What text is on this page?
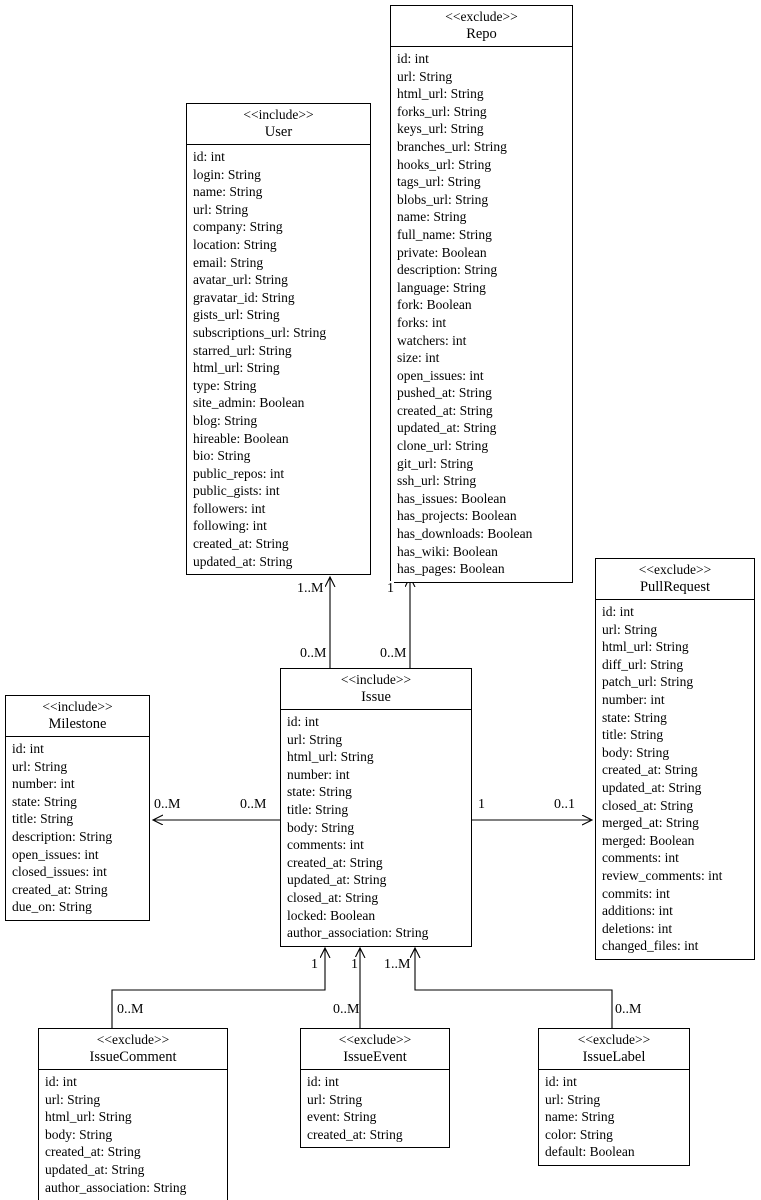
<<exclude>>
Repo
id: int
url: String
html_url: String
forks_url: String
keys_url: String
branches_url: String
hooks_url: String
tags_url: String
blobs_url: String
name: String
full_name: String
private: Boolean
description: String
language: String
fork: Boolean
forks: int
watchers: int
size: int
open_issues: int
pushed_at: String
created_at: String
updated_at: String
clone_url: String
git_url: String
ssh_url: String
has_issues: Boolean
has_projects: Boolean
has_downloads: Boolean
has_wiki: Boolean
has_pages: Boolean
<<include>>
User
id: int
login: String
name: String
url: String
company: String
location: String
email: String
avatar_url: String
gravatar_id: String
gists_url: String
subscriptions_url: String
starred_url: String
html_url: String
type: String
site_admin: Boolean
blog: String
hireable: Boolean
bio: String
public_repos: int
public_gists: int
followers: int
following: int
created_at: String
updated_at: String
<<exclude>>
PullRequest
id: int
url: String
html_url: String
diff_url: String
patch_url: String
number: int
state: String
title: String
body: String
created_at: String
updated_at: String
closed_at: String
merged_at: String
merged: Boolean
comments: int
review_comments: int
commits: int
additions: int
deletions: int
changed_files: int
<<include>>
Issue
id: int
url: String
html_url: String
number: int
state: String
title: String
body: String
comments: int
created_at: String
updated_at: String
closed_at: String
locked: Boolean
author_association: String
<<include>>
Milestone
id: int
url: String
number: int
state: String
title: String
description: String
open_issues: int
closed_issues: int
created_at: String
due_on: String
<<exclude>>
IssueComment
id: int
url: String
html_url: String
body: String
created_at: String
updated_at: String
author_association: String
<<exclude>>
IssueEvent
id: int
url: String
event: String
created_at: String
<<exclude>>
IssueLabel
id: int
url: String
name: String
color: String
default: Boolean
1..M	1
0..M	0..M
0..M	0..M	1	0..1
1 1 1..M
0..M	0..M	0..M
